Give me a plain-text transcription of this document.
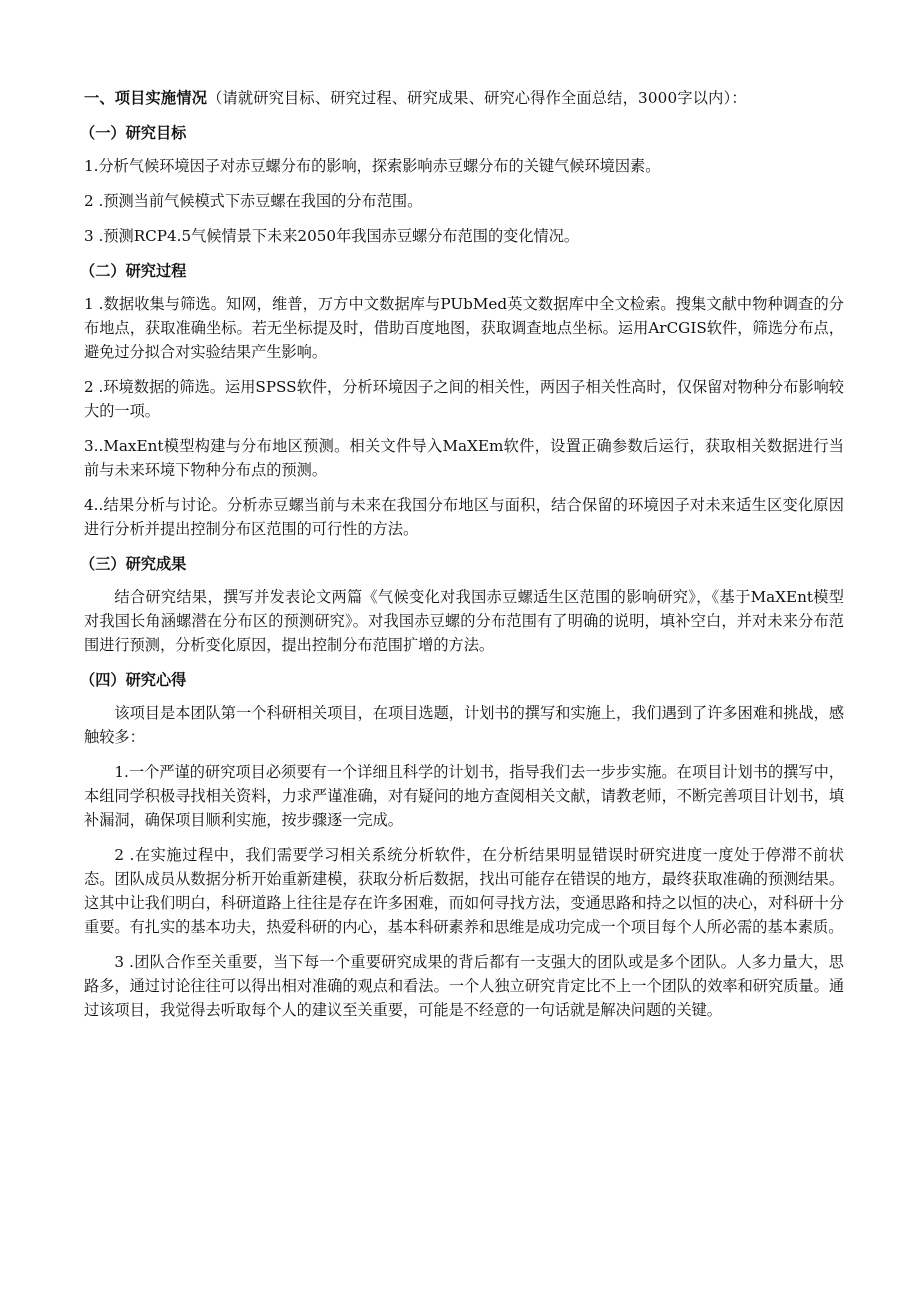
一、项目实施情况（请就研究目标、研究过程、研究成果、研究心得作全面总结，3000字以内）：

（一）研究目标

1.分析气候环境因子对赤豆螺分布的影响，探索影响赤豆螺分布的关键气候环境因素。

2 .预测当前气候模式下赤豆螺在我国的分布范围。

3 .预测RCP4.5气候情景下未来2050年我国赤豆螺分布范围的变化情况。

（二）研究过程

1 .数据收集与筛选。知网，维普，万方中文数据库与PUbMed英文数据库中全文检索。搜集文献中物种调查的分布地点，获取准确坐标。若无坐标提及时，借助百度地图，获取调查地点坐标。运用ArCGIS软件，筛选分布点，避免过分拟合对实验结果产生影响。

2 .环境数据的筛选。运用SPSS软件，分析环境因子之间的相关性，两因子相关性高时，仅保留对物种分布影响较大的一项。

3..MaxEnt模型构建与分布地区预测。相关文件导入MaXEm软件，设置正确参数后运行，获取相关数据进行当前与未来环境下物种分布点的预测。

4..结果分析与讨论。分析赤豆螺当前与未来在我国分布地区与面积，结合保留的环境因子对未来适生区变化原因进行分析并提出控制分布区范围的可行性的方法。

（三）研究成果

结合研究结果，撰写并发表论文两篇《气候变化对我国赤豆螺适生区范围的影响研究》，《基于MaXEnt模型对我国长角涵螺潜在分布区的预测研究》。对我国赤豆螺的分布范围有了明确的说明，填补空白，并对未来分布范围进行预测，分析变化原因，提出控制分布范围扩增的方法。

（四）研究心得

该项目是本团队第一个科研相关项目，在项目选题，计划书的撰写和实施上，我们遇到了许多困难和挑战，感触较多：

1.一个严谨的研究项目必须要有一个详细且科学的计划书，指导我们去一步步实施。在项目计划书的撰写中，本组同学积极寻找相关资料，力求严谨准确，对有疑问的地方查阅相关文献，请教老师，不断完善项目计划书，填补漏洞，确保项目顺利实施，按步骤逐一完成。

2 .在实施过程中，我们需要学习相关系统分析软件，在分析结果明显错误时研究进度一度处于停滞不前状态。团队成员从数据分析开始重新建模，获取分析后数据，找出可能存在错误的地方，最终获取准确的预测结果。这其中让我们明白，科研道路上往往是存在许多困难，而如何寻找方法，变通思路和持之以恒的决心，对科研十分重要。有扎实的基本功夫，热爱科研的内心，基本科研素养和思维是成功完成一个项目每个人所必需的基本素质。

3 .团队合作至关重要，当下每一个重要研究成果的背后都有一支强大的团队或是多个团队。人多力量大，思路多，通过讨论往往可以得出相对准确的观点和看法。一个人独立研究肯定比不上一个团队的效率和研究质量。通过该项目，我觉得去听取每个人的建议至关重要，可能是不经意的一句话就是解决问题的关键。
